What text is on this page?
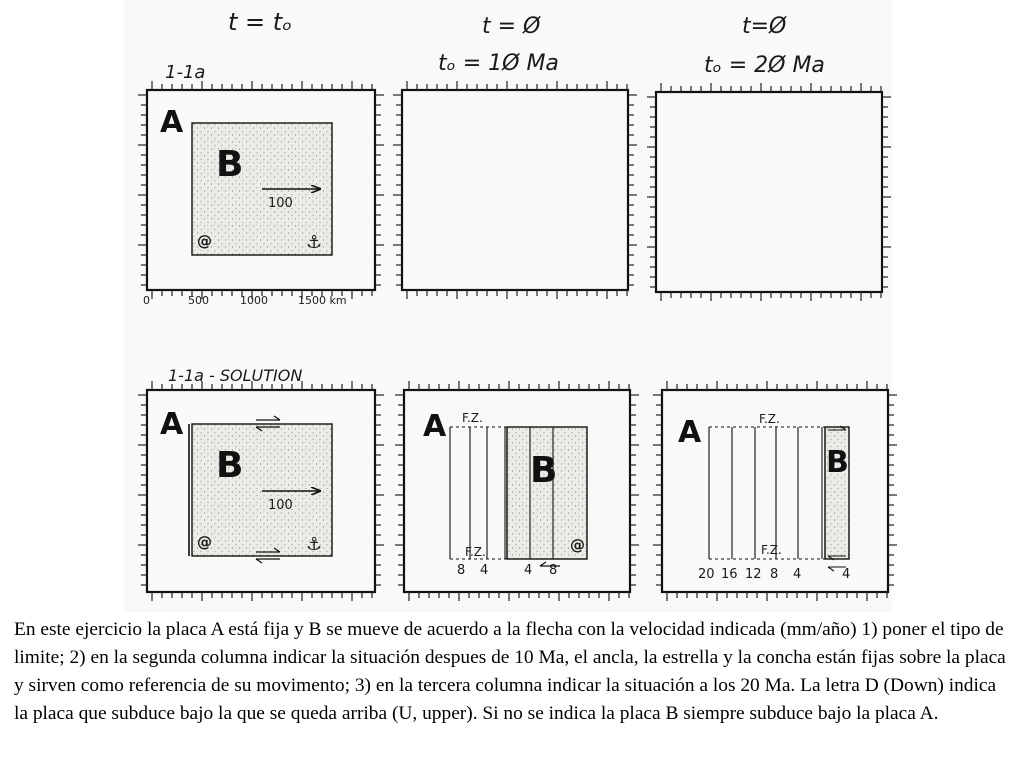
t = tₒ	t = Ø
tₒ = 1Ø Ma
t=Ø
tₒ = 2Ø Ma
1-1a
A
B
100
@	⚓
0	500	1000	1500 km
1-1a - SOLUTION
A
B
100
@	⚓
A
B
F.Z.
F.Z.	@
8 4	4 8
A
B
F.Z.
F.Z.
20 16 12 8 4	4

En este ejercicio la placa A está fija y B se mueve de acuerdo a la flecha con la velocidad indicada (mm/año) 1) poner el tipo de limite; 2) en la segunda columna indicar la situación despues de 10 Ma, el ancla, la estrella y la concha están fijas sobre la placa y sirven como referencia de su movimento; 3) en la tercera columna indicar la situación a los 20 Ma. La letra D (Down) indica la placa que subduce bajo la que se queda arriba (U, upper). Si no se indica la placa B siempre subduce bajo la placa A.
